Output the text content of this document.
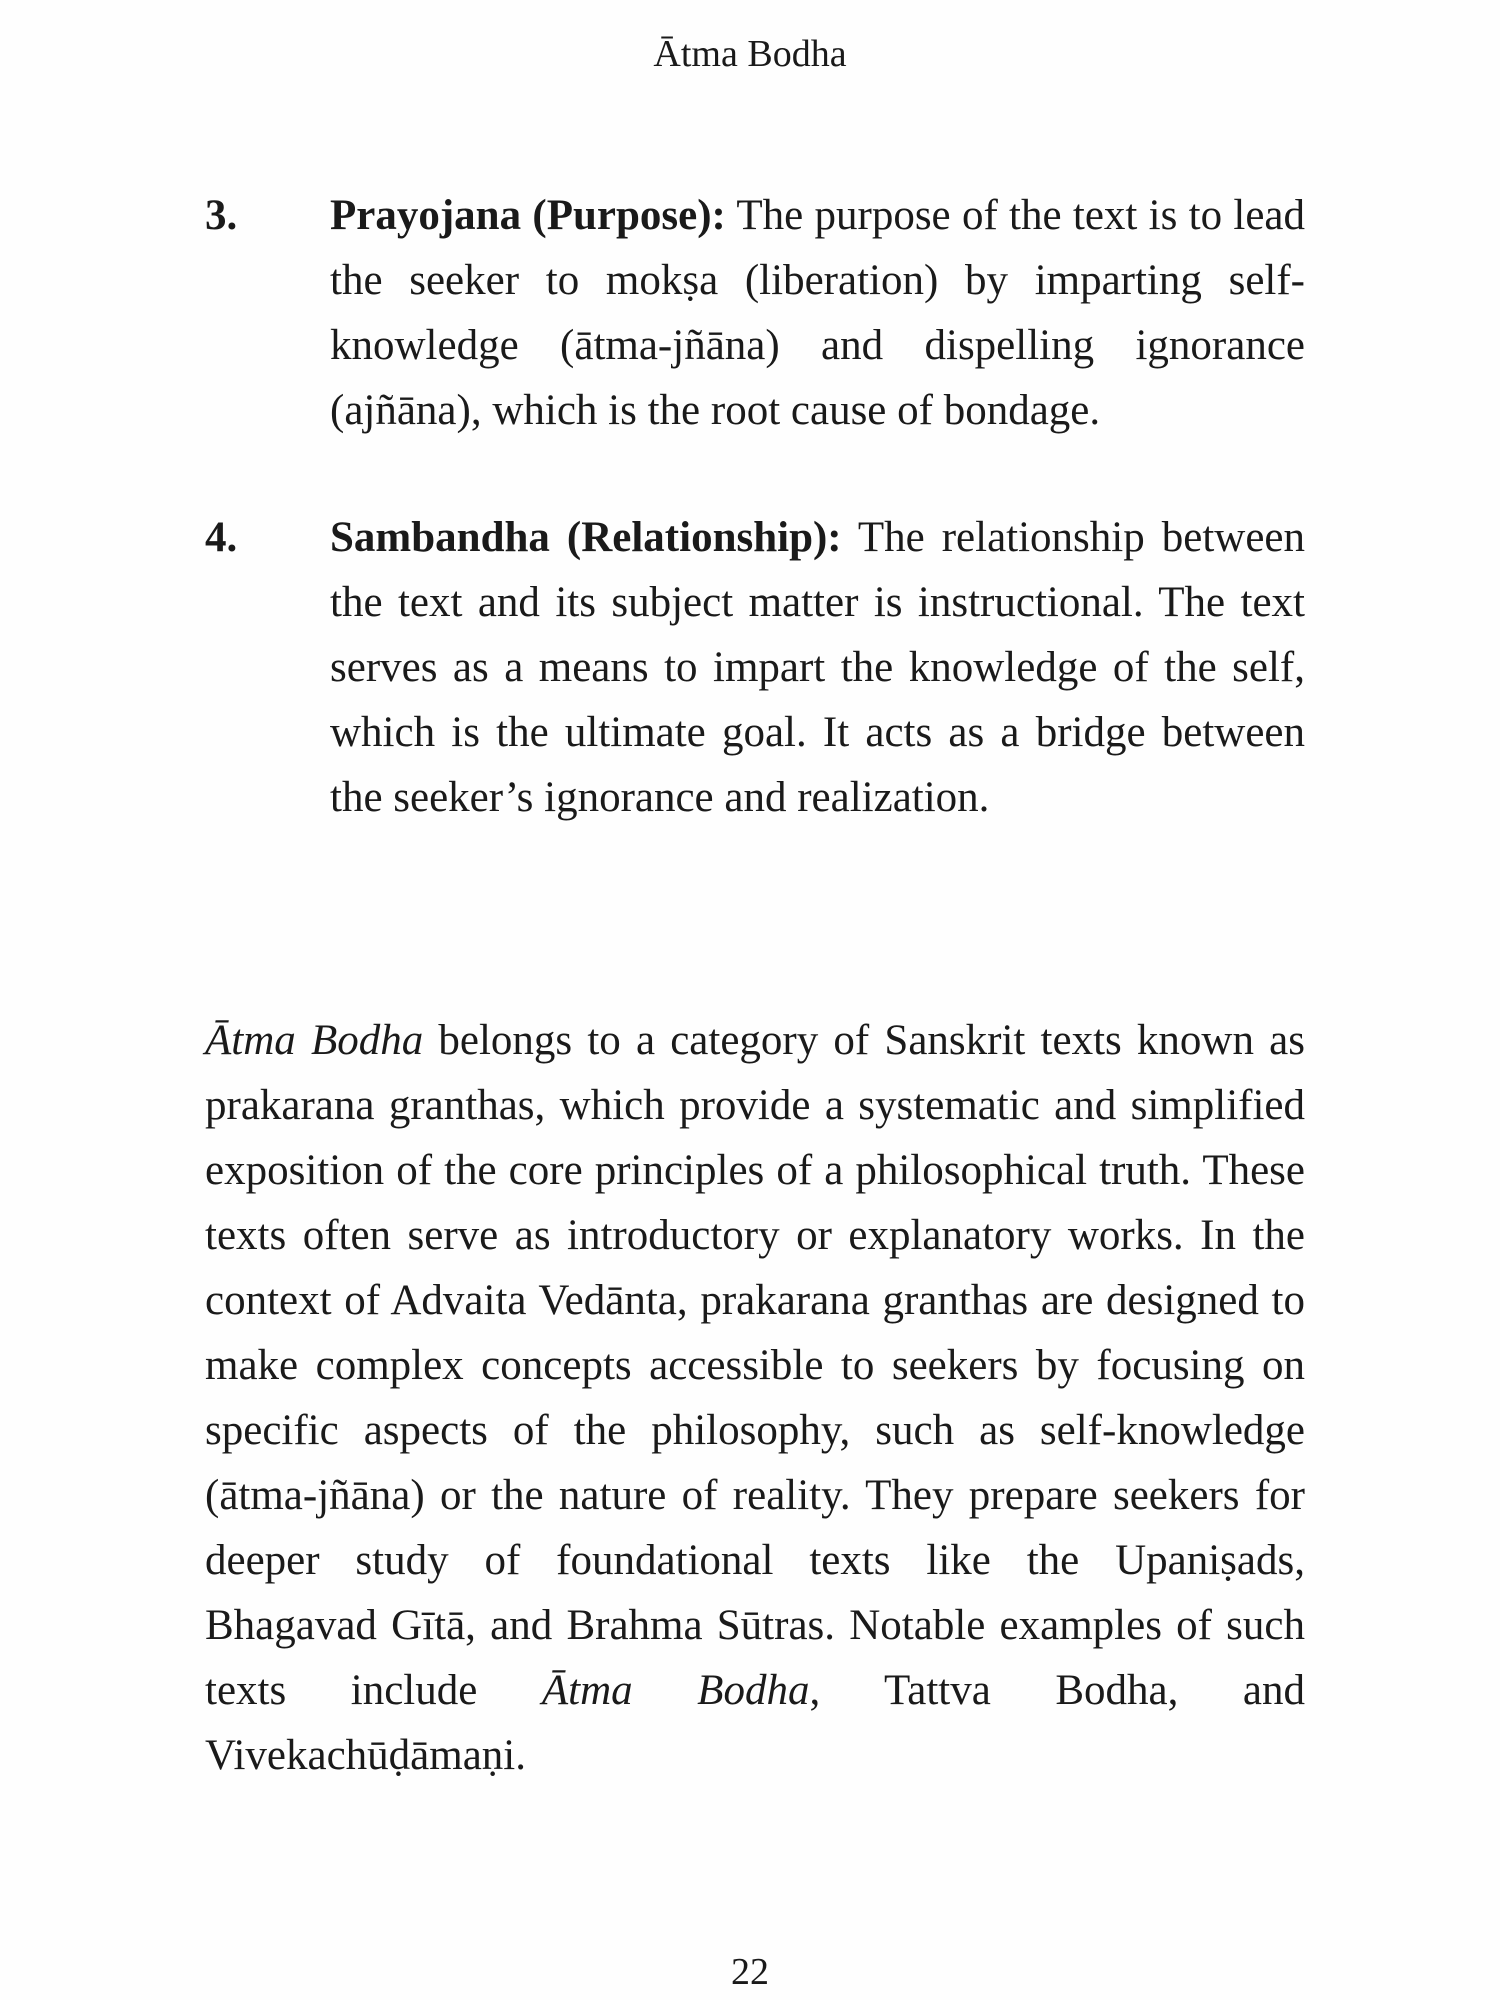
Ātma Bodha
3. Prayojana (Purpose): The purpose of the text is to lead the seeker to mokṣa (liberation) by imparting self-knowledge (ātma-jñāna) and dispelling ignorance (ajñāna), which is the root cause of bondage.
4. Sambandha (Relationship): The relationship between the text and its subject matter is instructional. The text serves as a means to impart the knowledge of the self, which is the ultimate goal. It acts as a bridge between the seeker’s ignorance and realization.

Ātma Bodha belongs to a category of Sanskrit texts known as prakarana granthas, which provide a systematic and simplified exposition of the core principles of a philosophical truth. These texts often serve as introductory or explanatory works. In the context of Advaita Vedānta, prakarana granthas are designed to make complex concepts accessible to seekers by focusing on specific aspects of the philosophy, such as self-knowledge (ātma-jñāna) or the nature of reality. They prepare seekers for deeper study of foundational texts like the Upaniṣads, Bhagavad Gītā, and Brahma Sūtras. Notable examples of such texts include Ātma Bodha, Tattva Bodha, and Vivekachūḍāmaṇi.

22
